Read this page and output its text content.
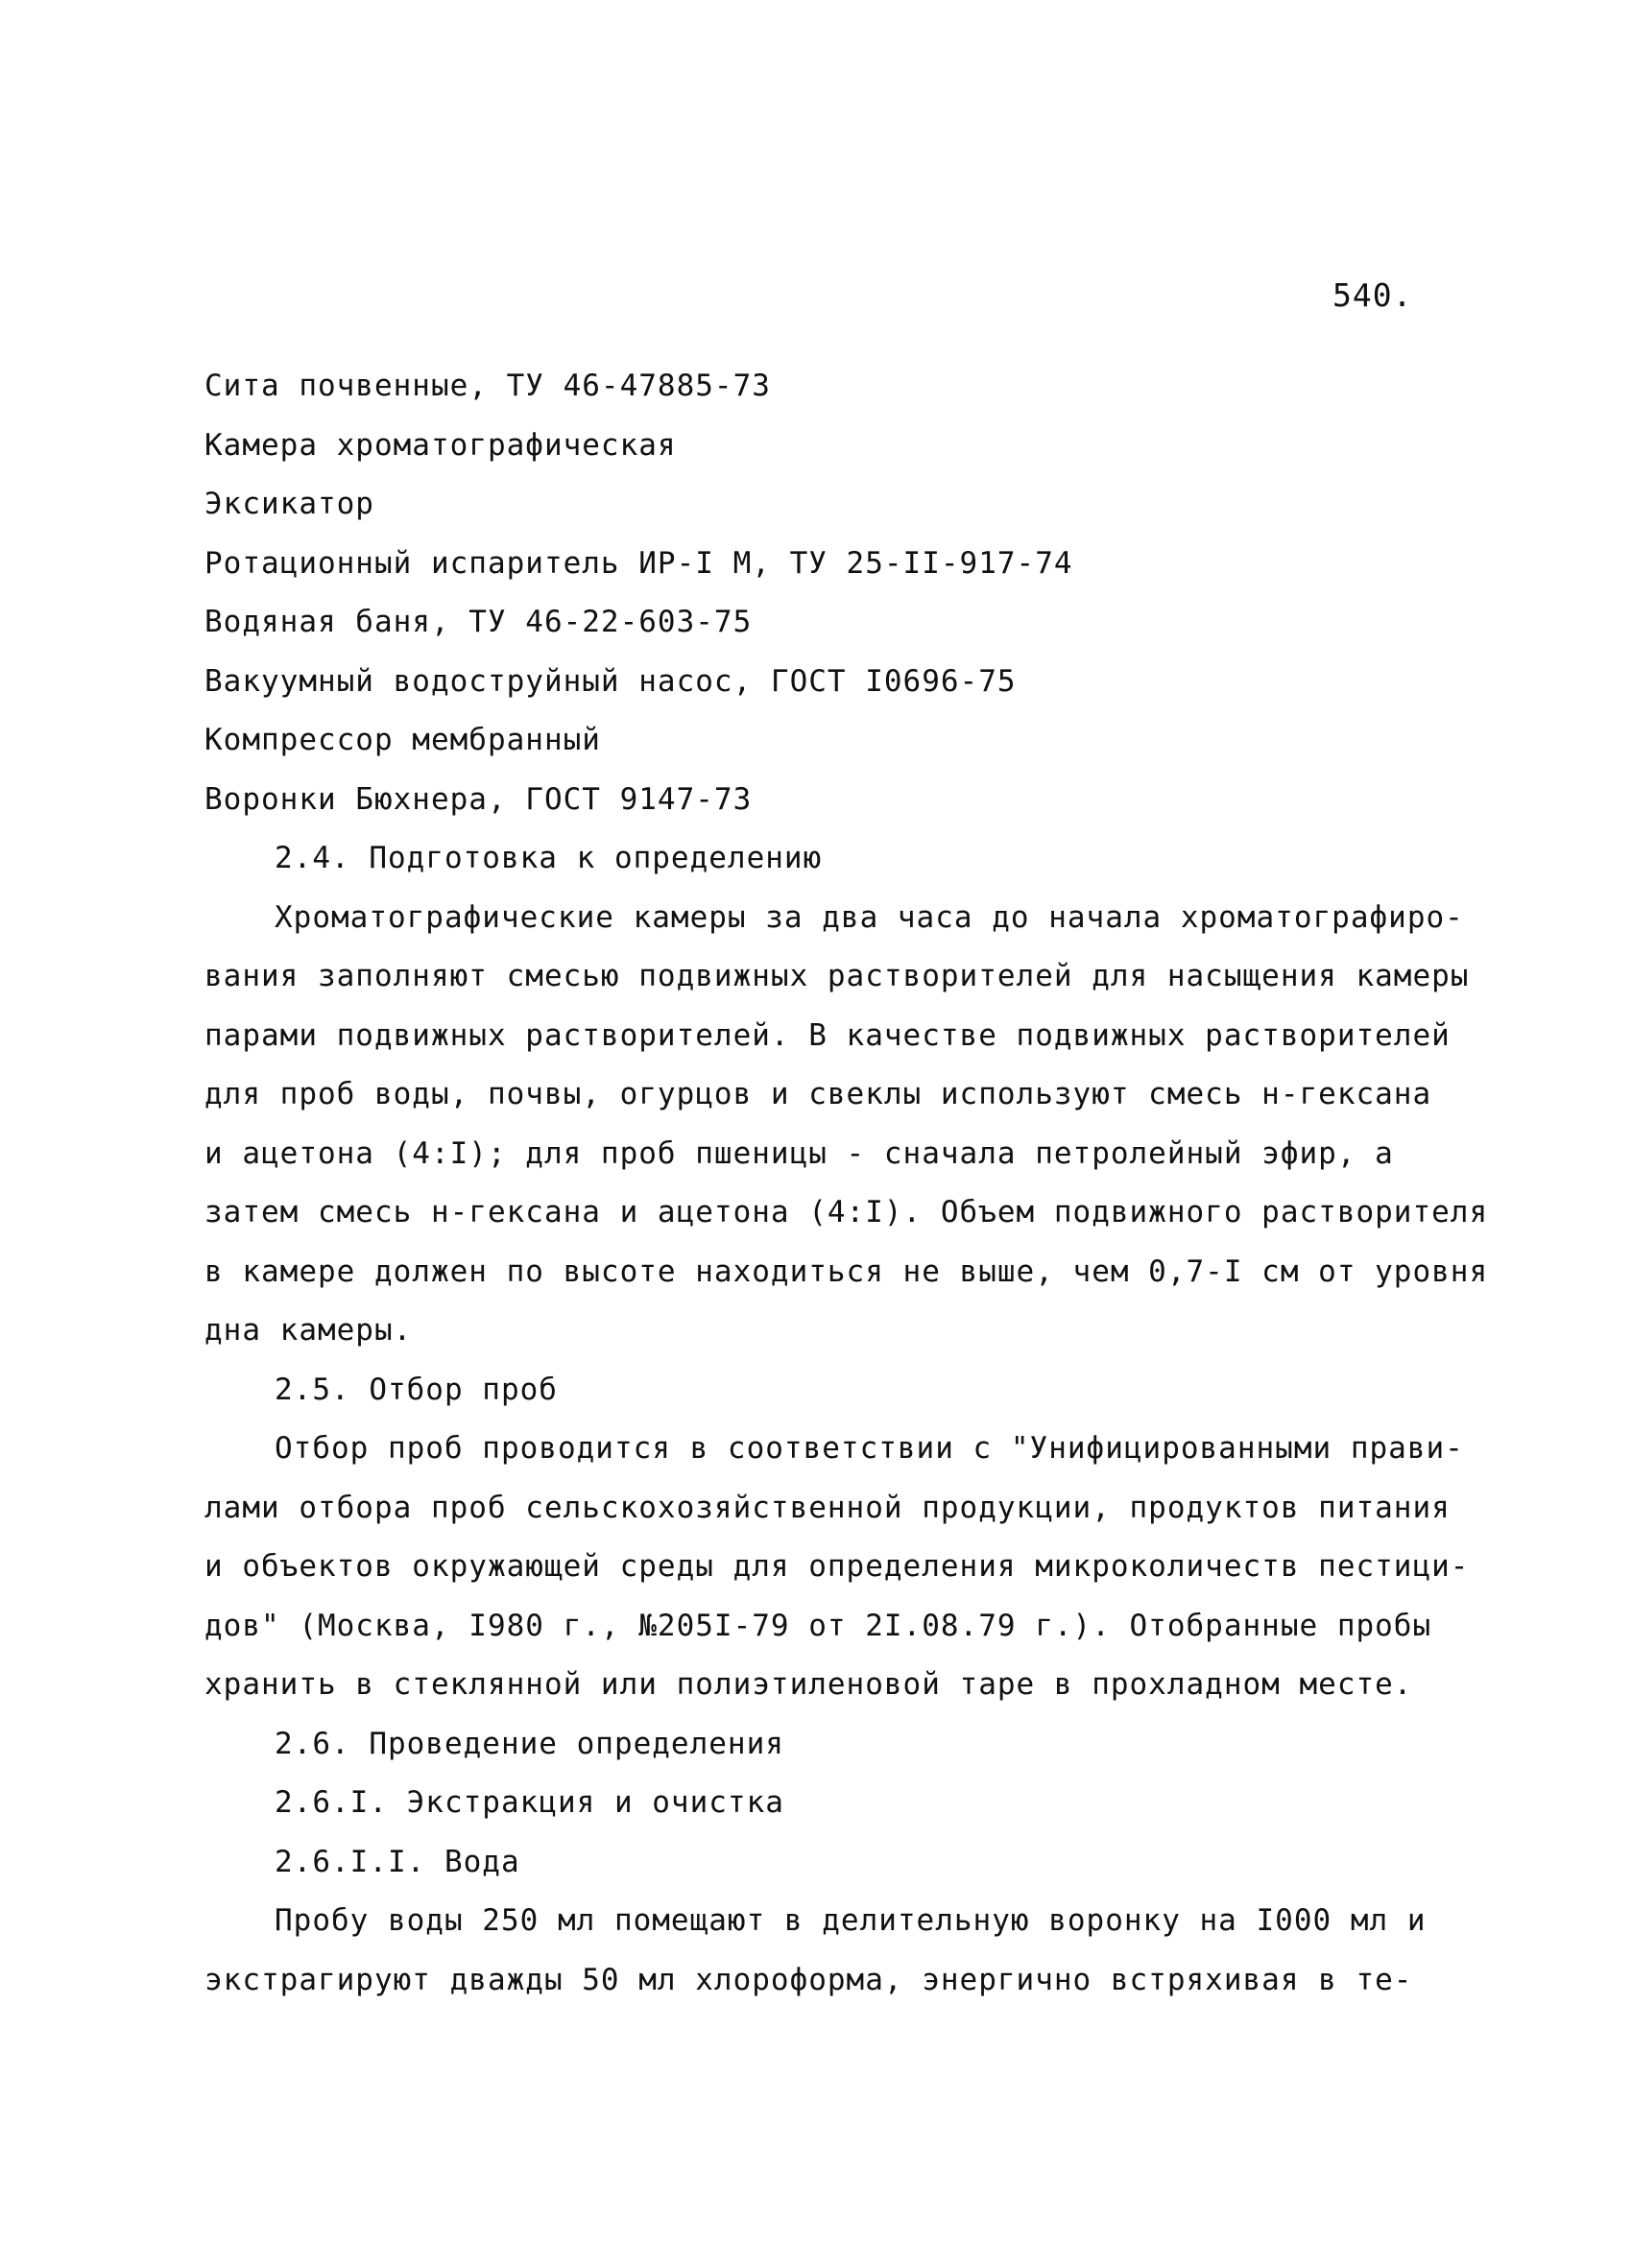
540.
Сита почвенные, ТУ 46-47885-73
Камера хроматографическая
Эксикатор
Ротационный испаритель ИР-I М, ТУ 25-II-917-74
Водяная баня, ТУ 46-22-603-75
Вакуумный водоструйный насос, ГОСТ I0696-75
Компрессор мембранный
Воронки Бюхнера, ГОСТ 9147-73
2.4. Подготовка к определению
Хроматографические камеры за два часа до начала хроматографиро-
вания заполняют смесью подвижных растворителей для насыщения камеры
парами подвижных растворителей. В качестве подвижных растворителей
для проб воды, почвы, огурцов и свеклы используют смесь н-гексана
и ацетона (4:I); для проб пшеницы - сначала петролейный эфир, а
затем смесь н-гексана и ацетона (4:I). Объем подвижного растворителя
в камере должен по высоте находиться не выше, чем 0,7-I см от уровня
дна камеры.
2.5. Отбор проб
Отбор проб проводится в соответствии с "Унифицированными прави-
лами отбора проб сельскохозяйственной продукции, продуктов питания
и объектов окружающей среды для определения микроколичеств пестици-
дов" (Москва, I980 г., №205I-79 от 2I.08.79 г.). Отобранные пробы
хранить в стеклянной или полиэтиленовой таре в прохладном месте.
2.6. Проведение определения
2.6.I. Экстракция и очистка
2.6.I.I. Вода
Пробу воды 250 мл помещают в делительную воронку на I000 мл и
экстрагируют дважды 50 мл хлороформа, энергично встряхивая в те-
